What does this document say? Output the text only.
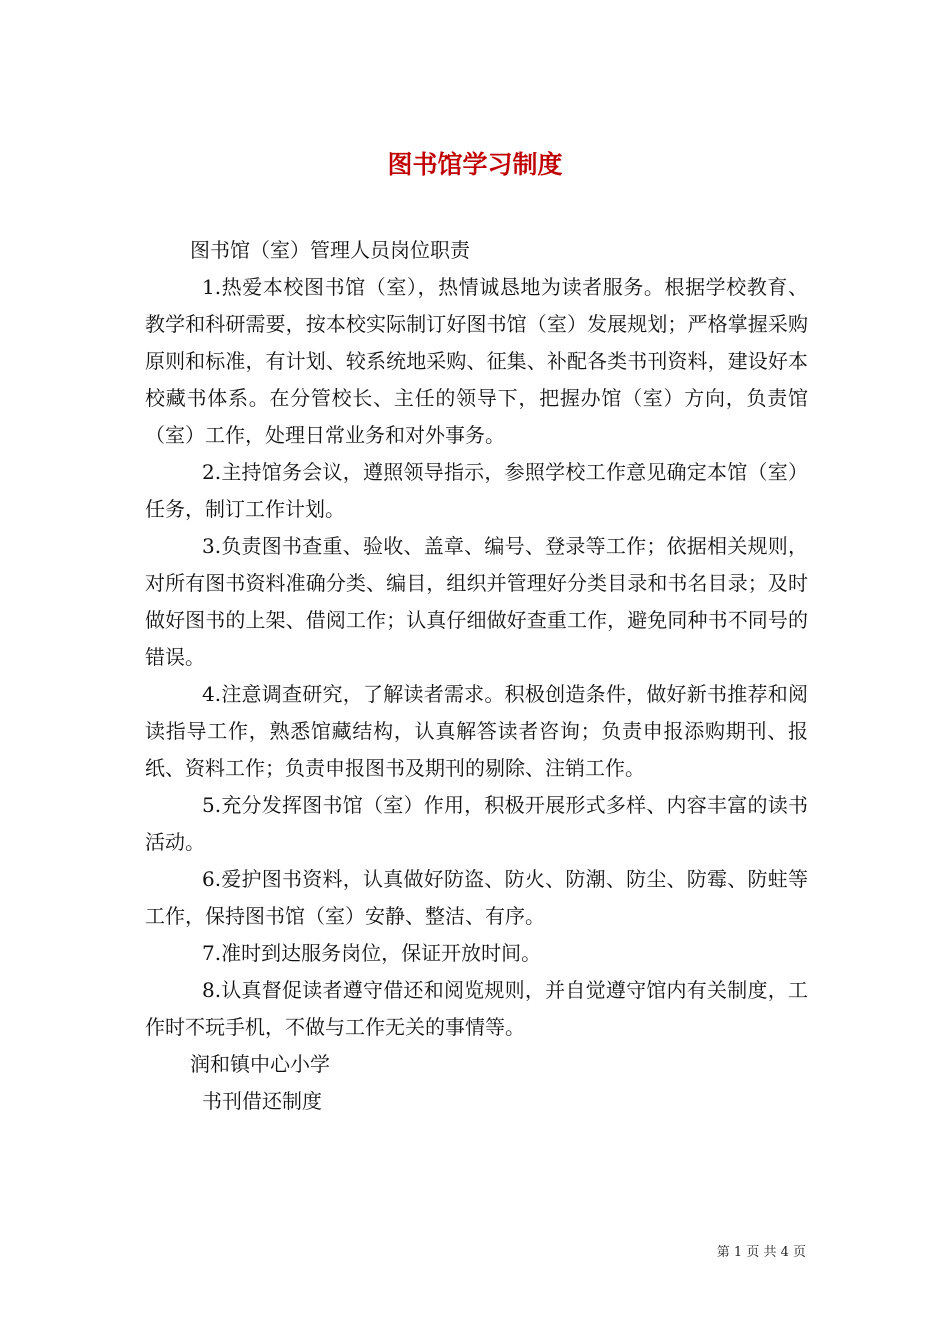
图书馆学习制度

图书馆（室）管理人员岗位职责

1.热爱本校图书馆（室），热情诚恳地为读者服务。根据学校教育、教学和科研需要，按本校实际制订好图书馆（室）发展规划；严格掌握采购原则和标准，有计划、较系统地采购、征集、补配各类书刊资料，建设好本校藏书体系。在分管校长、主任的领导下，把握办馆（室）方向，负责馆（室）工作，处理日常业务和对外事务。

2.主持馆务会议，遵照领导指示，参照学校工作意见确定本馆（室）任务，制订工作计划。

3.负责图书查重、验收、盖章、编号、登录等工作；依据相关规则，对所有图书资料准确分类、编目，组织并管理好分类目录和书名目录；及时做好图书的上架、借阅工作；认真仔细做好查重工作，避免同种书不同号的错误。

4.注意调查研究，了解读者需求。积极创造条件，做好新书推荐和阅读指导工作，熟悉馆藏结构，认真解答读者咨询；负责申报添购期刊、报纸、资料工作；负责申报图书及期刊的剔除、注销工作。

5.充分发挥图书馆（室）作用，积极开展形式多样、内容丰富的读书活动。

6.爱护图书资料，认真做好防盗、防火、防潮、防尘、防霉、防蛀等工作，保持图书馆（室）安静、整洁、有序。

7.准时到达服务岗位，保证开放时间。

8.认真督促读者遵守借还和阅览规则，并自觉遵守馆内有关制度，工作时不玩手机，不做与工作无关的事情等。

润和镇中心小学

书刊借还制度

第 1 页 共 4 页
